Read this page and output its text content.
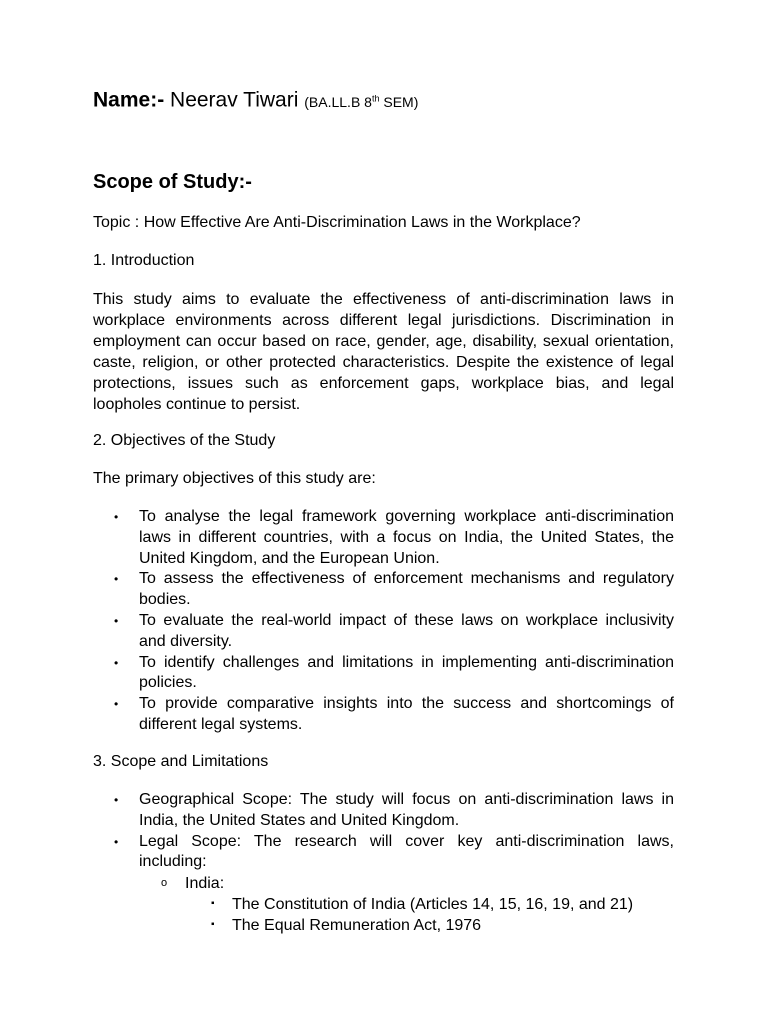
Name:- Neerav Tiwari (BA.LL.B 8th SEM)
Scope of Study:-
Topic : How Effective Are Anti-Discrimination Laws in the Workplace?
1. Introduction
This study aims to evaluate the effectiveness of anti-discrimination laws in workplace environments across different legal jurisdictions. Discrimination in employment can occur based on race, gender, age, disability, sexual orientation, caste, religion, or other protected characteristics. Despite the existence of legal protections, issues such as enforcement gaps, workplace bias, and legal loopholes continue to persist.
2. Objectives of the Study
The primary objectives of this study are:
•	To analyse the legal framework governing workplace anti-discrimination laws in different countries, with a focus on India, the United States, the United Kingdom, and the European Union.
•	To assess the effectiveness of enforcement mechanisms and regulatory bodies.
•	To evaluate the real-world impact of these laws on workplace inclusivity and diversity.
•	To identify challenges and limitations in implementing anti-discrimination policies.
•	To provide comparative insights into the success and shortcomings of different legal systems.
3. Scope and Limitations
•	Geographical Scope: The study will focus on anti-discrimination laws in India, the United States and United Kingdom.
•	Legal Scope: The research will cover key anti-discrimination laws, including:
o India:
▪ The Constitution of India (Articles 14, 15, 16, 19, and 21)
▪ The Equal Remuneration Act, 1976
